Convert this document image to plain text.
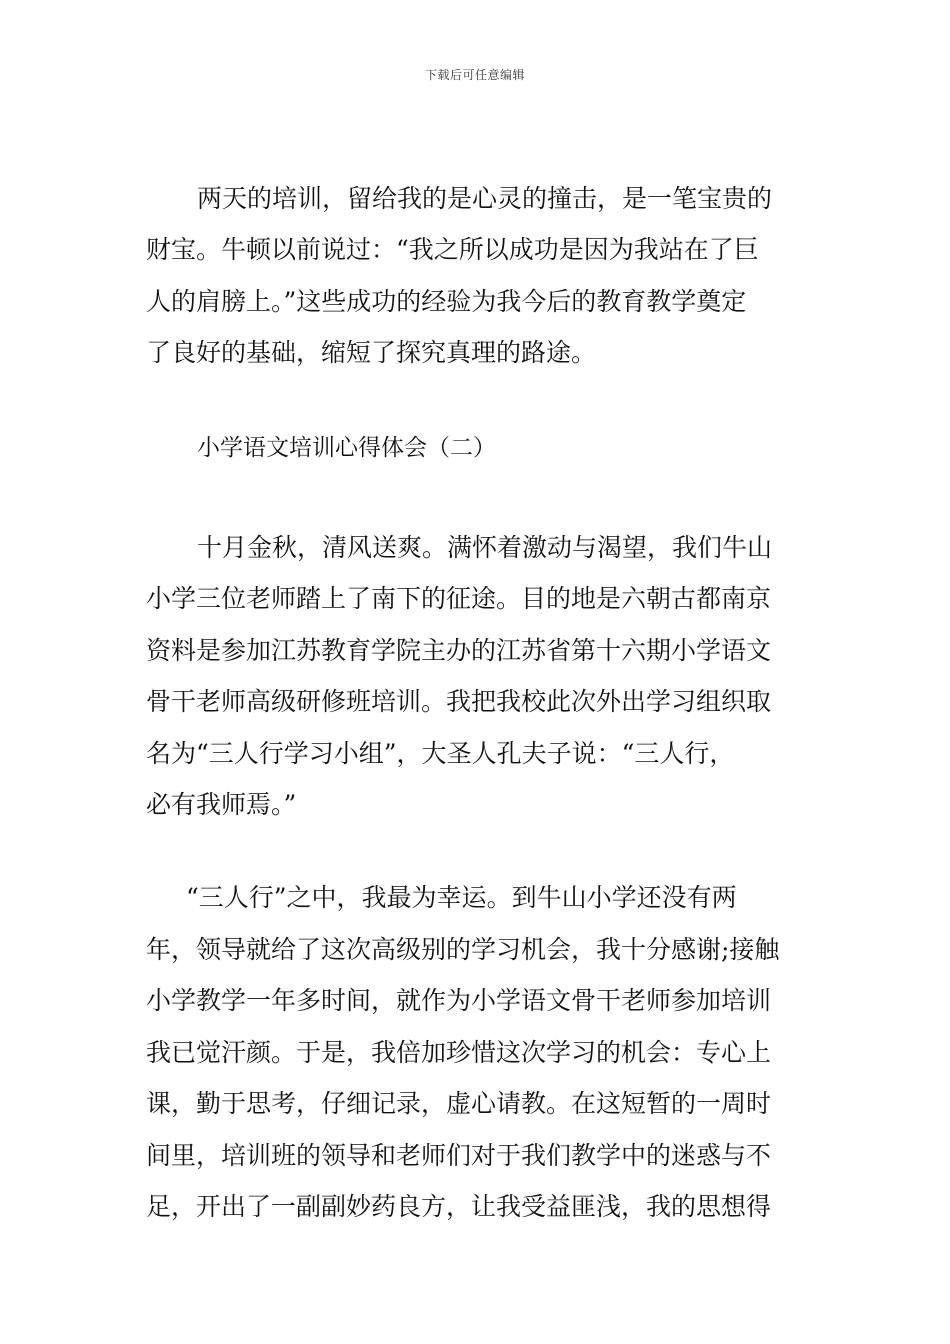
下载后可任意编辑
两天的培训，留给我的是心灵的撞击，是一笔宝贵的
财宝。牛顿以前说过：“我之所以成功是因为我站在了巨
人的肩膀上。”这些成功的经验为我今后的教育教学奠定
了良好的基础，缩短了探究真理的路途。
小学语文培训心得体会（二）
十月金秋，清风送爽。满怀着激动与渴望，我们牛山
小学三位老师踏上了南下的征途。目的地是六朝古都南京
资料是参加江苏教育学院主办的江苏省第十六期小学语文
骨干老师高级研修班培训。我把我校此次外出学习组织取
名为“三人行学习小组”，大圣人孔夫子说：“三人行，
必有我师焉。”
“三人行”之中，我最为幸运。到牛山小学还没有两
年，领导就给了这次高级别的学习机会，我十分感谢;接触
小学教学一年多时间，就作为小学语文骨干老师参加培训
我已觉汗颜。于是，我倍加珍惜这次学习的机会：专心上
课，勤于思考，仔细记录，虚心请教。在这短暂的一周时
间里，培训班的领导和老师们对于我们教学中的迷惑与不
足，开出了一副副妙药良方，让我受益匪浅，我的思想得
